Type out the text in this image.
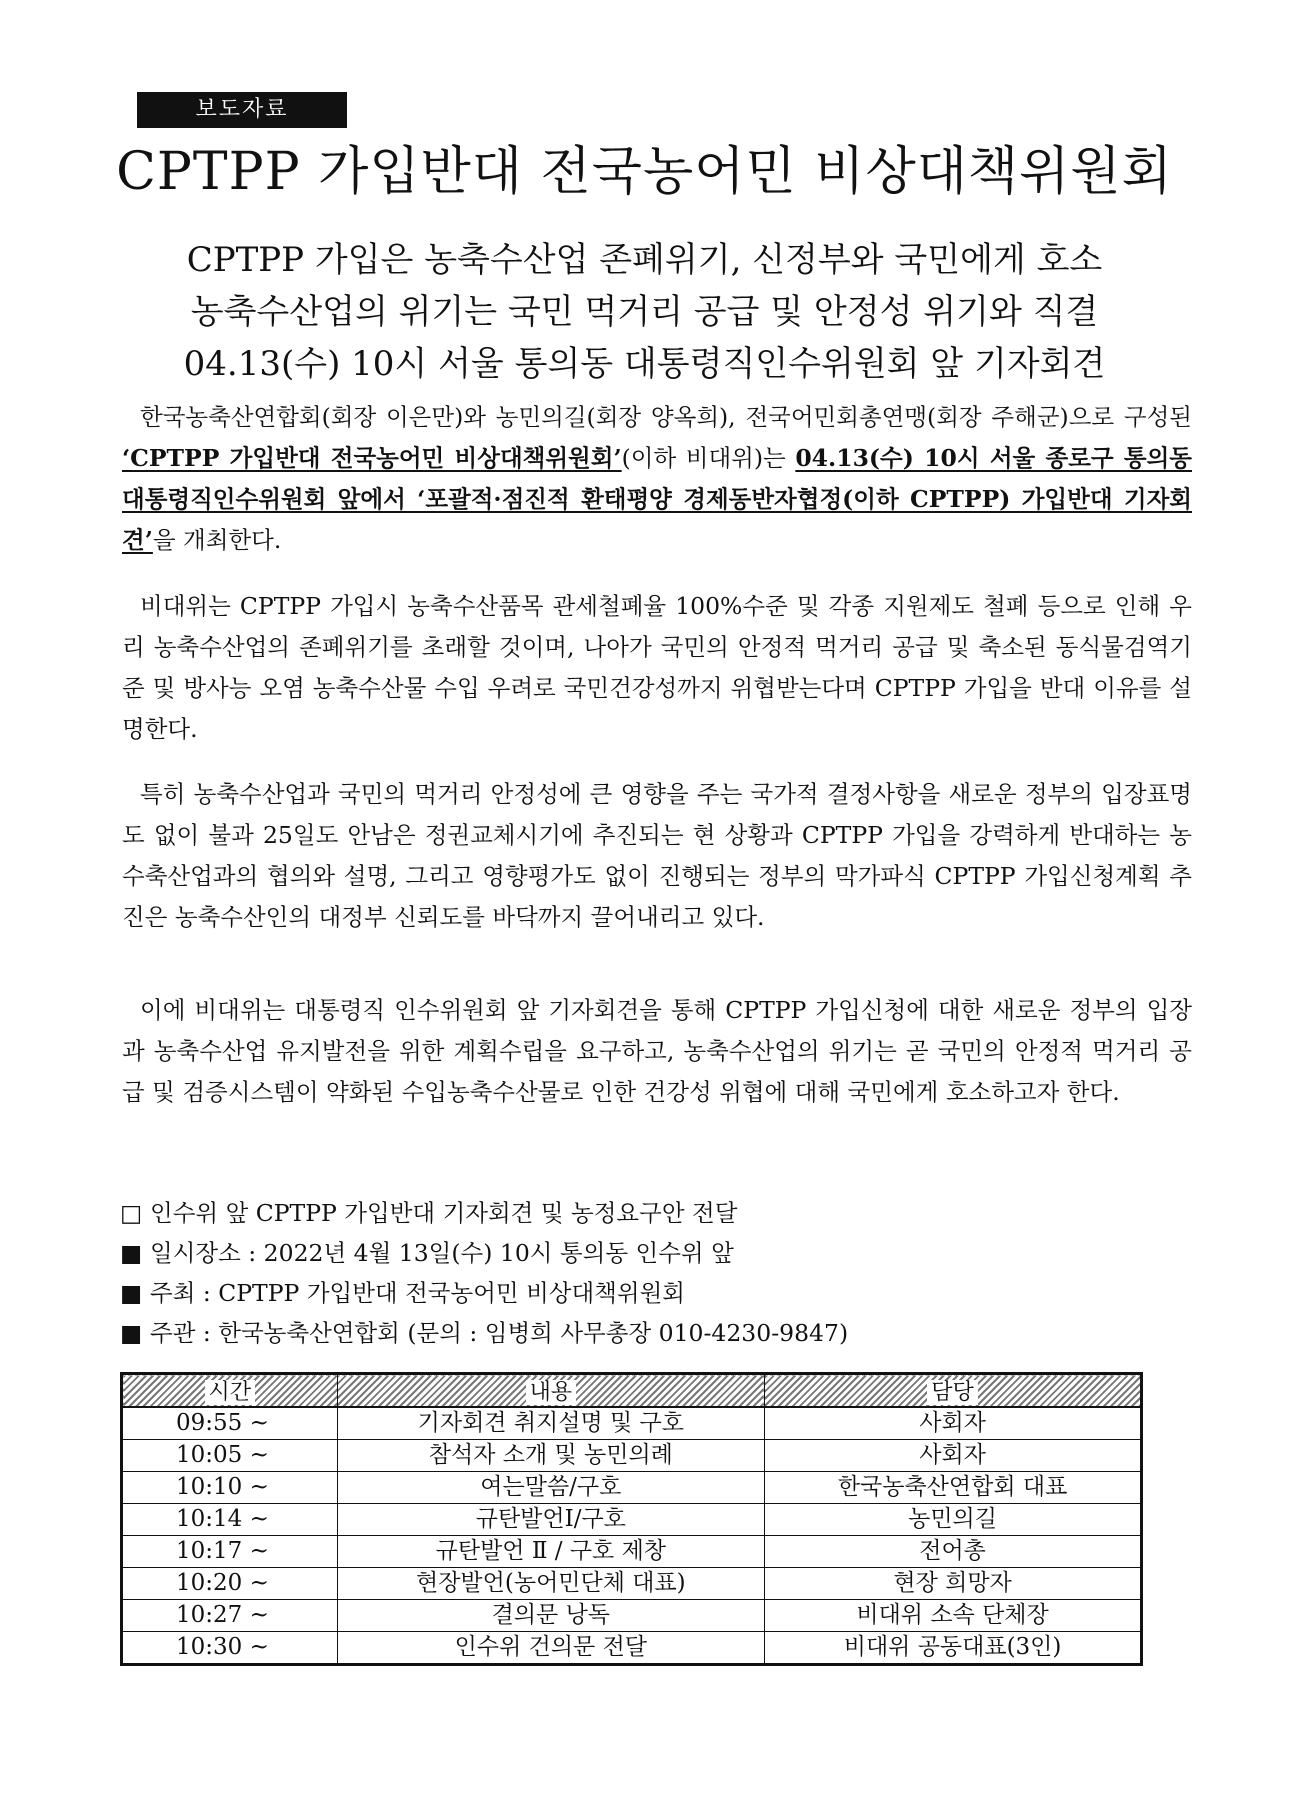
보도자료
CPTPP 가입반대 전국농어민 비상대책위원회
CPTPP 가입은 농축수산업 존폐위기, 신정부와 국민에게 호소
농축수산업의 위기는 국민 먹거리 공급 및 안정성 위기와 직결
04.13(수) 10시 서울 통의동 대통령직인수위원회 앞 기자회견
한국농축산연합회(회장 이은만)와 농민의길(회장 양옥희), 전국어민회총연맹(회장 주해군)으로 구성된 ‘CPTPP 가입반대 전국농어민 비상대책위원회’(이하 비대위)는 04.13(수) 10시 서울 종로구 통의동 대통령직인수위원회 앞에서 ‘포괄적·점진적 환태평양 경제동반자협정(이하 CPTPP) 가입반대 기자회견’을 개최한다.
비대위는 CPTPP 가입시 농축수산품목 관세철폐율 100%수준 및 각종 지원제도 철폐 등으로 인해 우리 농축수산업의 존폐위기를 초래할 것이며, 나아가 국민의 안정적 먹거리 공급 및 축소된 동식물검역기준 및 방사능 오염 농축수산물 수입 우려로 국민건강성까지 위협받는다며 CPTPP 가입을 반대 이유를 설명한다.
특히 농축수산업과 국민의 먹거리 안정성에 큰 영향을 주는 국가적 결정사항을 새로운 정부의 입장표명도 없이 불과 25일도 안남은 정권교체시기에 추진되는 현 상황과 CPTPP 가입을 강력하게 반대하는 농수축산업과의 협의와 설명, 그리고 영향평가도 없이 진행되는 정부의 막가파식 CPTPP 가입신청계획 추진은 농축수산인의 대정부 신뢰도를 바닥까지 끌어내리고 있다.
이에 비대위는 대통령직 인수위원회 앞 기자회견을 통해 CPTPP 가입신청에 대한 새로운 정부의 입장과 농축수산업 유지발전을 위한 계획수립을 요구하고, 농축수산업의 위기는 곧 국민의 안정적 먹거리 공급 및 검증시스템이 약화된 수입농축수산물로 인한 건강성 위협에 대해 국민에게 호소하고자 한다.
□ 인수위 앞 CPTPP 가입반대 기자회견 및 농정요구안 전달
■ 일시장소 : 2022년 4월 13일(수) 10시 통의동 인수위 앞
■ 주최 : CPTPP 가입반대 전국농어민 비상대책위원회
■ 주관 : 한국농축산연합회 (문의 : 임병희 사무총장 010-4230-9847)
시간	내용	담당
09:55 ~	기자회견 취지설명 및 구호	사회자
10:05 ~	참석자 소개 및 농민의례	사회자
10:10 ~	여는말씀/구호	한국농축산연합회 대표
10:14 ~	규탄발언Ⅰ/구호	농민의길
10:17 ~	규탄발언 Ⅱ / 구호 제창	전어총
10:20 ~	현장발언(농어민단체 대표)	현장 희망자
10:27 ~	결의문 낭독	비대위 소속 단체장
10:30 ~	인수위 건의문 전달	비대위 공동대표(3인)
